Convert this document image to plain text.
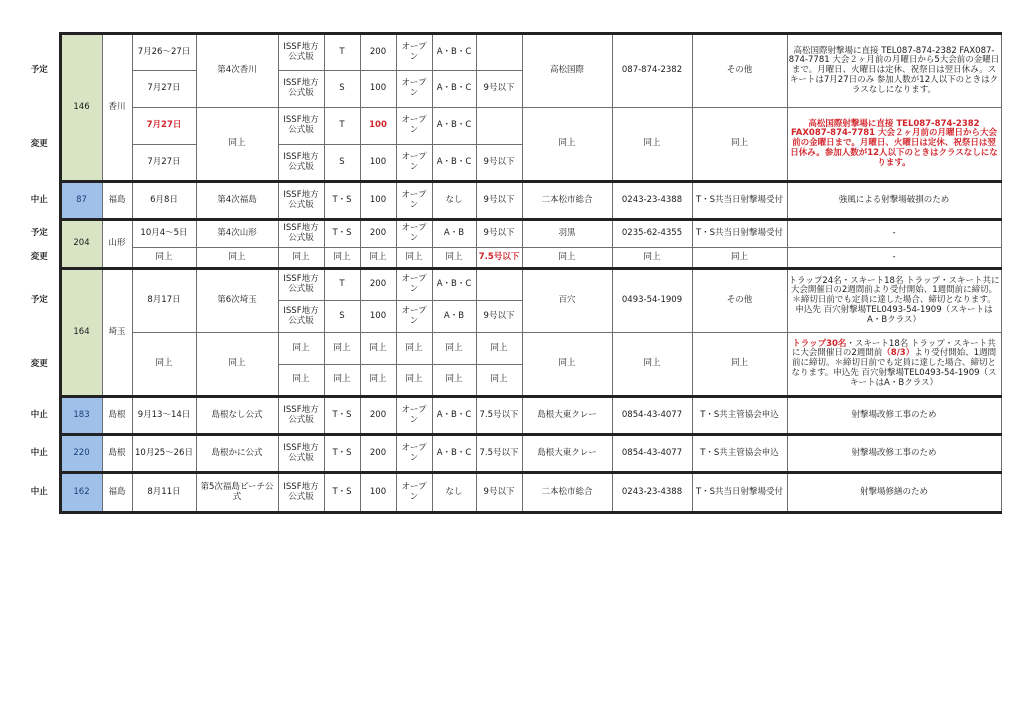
予定	146	香川	7月26〜27日	第4次香川	ISSF地方公式版	T	200	オープン	A・B・C		高松国際	087-874-2382	その他	高松国際射撃場に直接 TEL087-874-2382 FAX087-874-7781 大会２ヶ月前の月曜日から5大会前の金曜日まで。月曜日、火曜日は定休、祝祭日は翌日休み。スキートは7月27日のみ 参加人数が12人以下のときはクラスなしになります。
			7月27日		ISSF地方公式版	S	100	オープン	A・B・C	9号以下				
変更			7月27日	同上	ISSF地方公式版	T	100	オープン	A・B・C		同上	同上	同上	高松国際射撃場に直接 TEL087-874-2382 FAX087-874-7781 大会２ヶ月前の月曜日から大会前の金曜日まで。月曜日、火曜日は定休、祝祭日は翌日休み。参加人数が12人以下のときはクラスなしになります。
			7月27日		ISSF地方公式版	S	100	オープン	A・B・C	9号以下				
中止	87	福島	6月8日	第4次福島	ISSF地方公式版	T・S	100	オープン	なし	9号以下	二本松市総合	0243-23-4388	T・S共当日射撃場受付	強風による射撃場破損のため
予定	204	山形	10月4〜5日	第4次山形	ISSF地方公式版	T・S	200	オープン	A・B	9号以下	羽黒	0235-62-4355	T・S共当日射撃場受付	-
変更			同上	同上	同上	同上	同上	同上	同上	7.5号以下	同上	同上	同上	-
予定	164	埼玉	8月17日	第6次埼玉	ISSF地方公式版	T	200	オープン	A・B・C		百穴	0493-54-1909	その他	トラップ24名・スキート18名 トラップ・スキート共に大会開催日の2週間前より受付開始、1週間前に締切。＊締切日前でも定員に達した場合、締切となります。申込先 百穴射撃場TEL0493-54-1909（スキートはA・Bクラス）
					ISSF地方公式版	S	100	オープン	A・B	9号以下				
変更			同上	同上	同上	同上	同上	同上	同上	同上	同上	同上	同上	トラップ30名・スキート18名 トラップ・スキート共に大会開催日の2週間前（8/3）より受付開始、1週間前に締切。＊締切日前でも定員に達した場合、締切となります。申込先 百穴射撃場TEL0493-54-1909（スキートはA・Bクラス）
					同上	同上	同上	同上	同上	同上				
中止	183	島根	9月13〜14日	島根なし公式	ISSF地方公式版	T・S	200	オープン	A・B・C	7.5号以下	島根大東クレー	0854-43-4077	T・S共主管協会申込	射撃場改修工事のため
中止	220	島根	10月25〜26日	島根かに公式	ISSF地方公式版	T・S	200	オープン	A・B・C	7.5号以下	島根大東クレー	0854-43-4077	T・S共主管協会申込	射撃場改修工事のため
中止	162	福島	8月11日	第5次福島ビーチ公式	ISSF地方公式版	T・S	100	オープン	なし	9号以下	二本松市総合	0243-23-4388	T・S共当日射撃場受付	射撃場修繕のため
